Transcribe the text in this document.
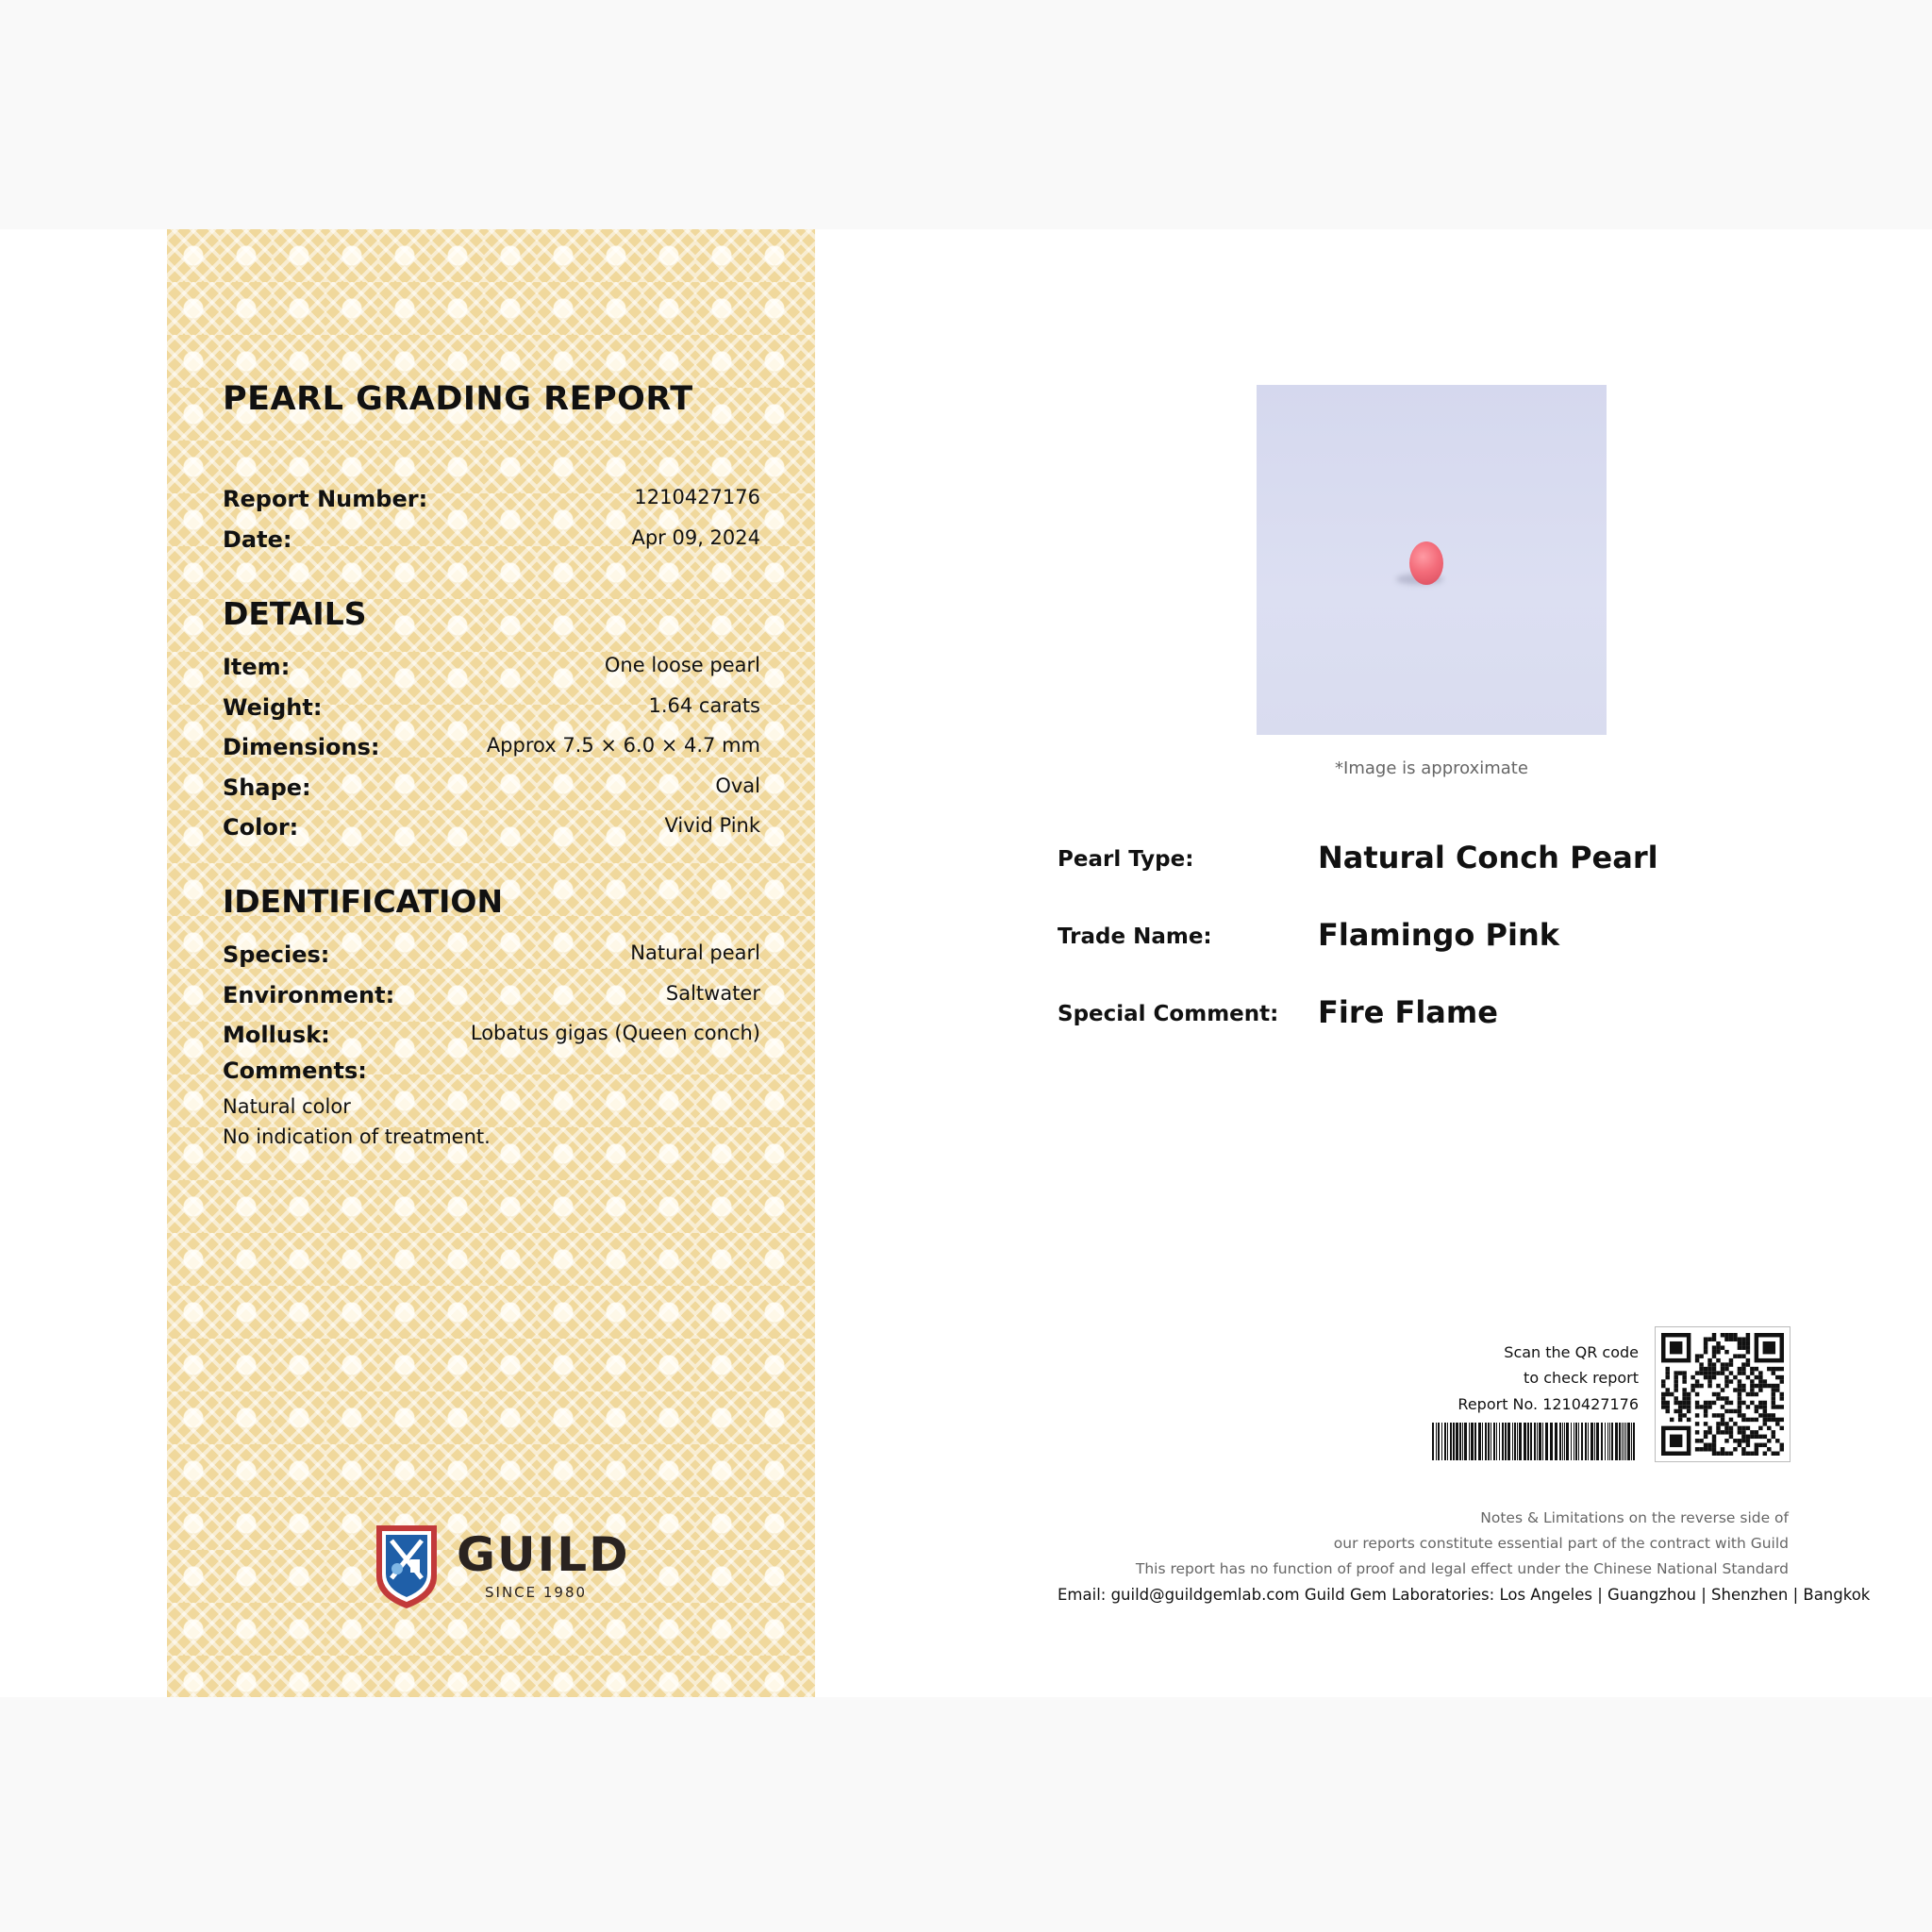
PEARL GRADING REPORT
Report Number:	1210427176
Date:	Apr 09, 2024
DETAILS
Item:	One loose pearl
Weight:	1.64 carats
Dimensions:	Approx 7.5 × 6.0 × 4.7 mm
Shape:	Oval
Color:	Vivid Pink
IDENTIFICATION
Species:	Natural pearl
Environment:	Saltwater
Mollusk:	Lobatus gigas (Queen conch)
Comments:
Natural color
No indication of treatment.
GUILD
SINCE 1980
*Image is approximate
Pearl Type:	Natural Conch Pearl
Trade Name:	Flamingo Pink
Special Comment: Fire Flame
Scan the QR code
to check report
Report No. 1210427176
Notes & Limitations on the reverse side of
our reports constitute essential part of the contract with Guild
This report has no function of proof and legal effect under the Chinese National Standard
Email: guild@guildgemlab.com Guild Gem Laboratories: Los Angeles | Guangzhou | Shenzhen | Bangkok
